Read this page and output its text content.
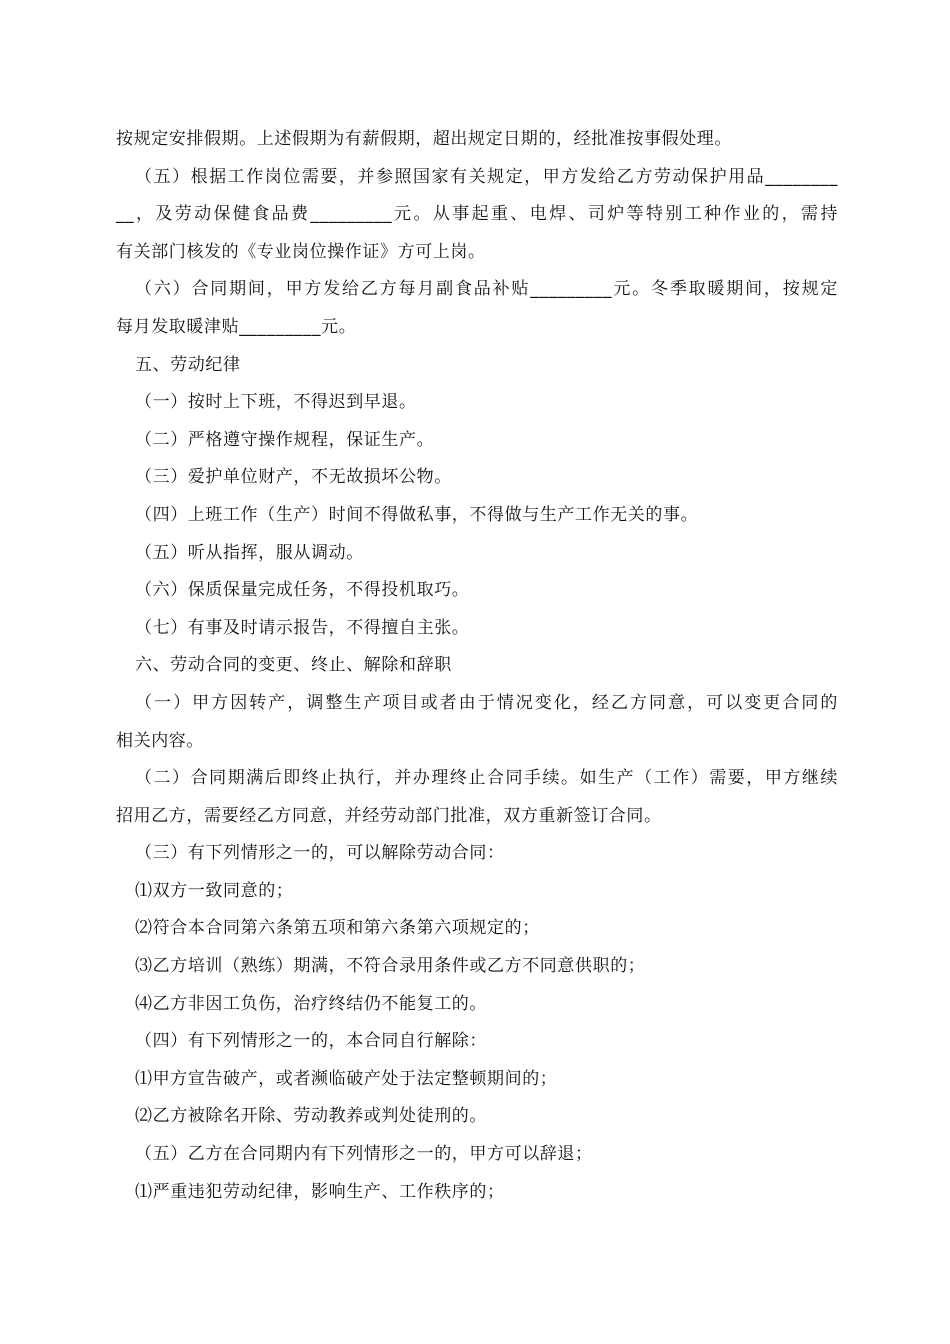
按规定安排假期。上述假期为有薪假期，超出规定日期的，经批准按事假处理。
（五）根据工作岗位需要，并参照国家有关规定，甲方发给乙方劳动保护用品________
__，及劳动保健食品费_________元。从事起重、电焊、司炉等特别工种作业的，需持
有关部门核发的《专业岗位操作证》方可上岗。
（六）合同期间，甲方发给乙方每月副食品补贴_________元。冬季取暖期间，按规定
每月发取暖津贴_________元。
五、劳动纪律
（一）按时上下班，不得迟到早退。
（二）严格遵守操作规程，保证生产。
（三）爱护单位财产，不无故损坏公物。
（四）上班工作（生产）时间不得做私事，不得做与生产工作无关的事。
（五）听从指挥，服从调动。
（六）保质保量完成任务，不得投机取巧。
（七）有事及时请示报告，不得擅自主张。
六、劳动合同的变更、终止、解除和辞职
（一）甲方因转产，调整生产项目或者由于情况变化，经乙方同意，可以变更合同的
相关内容。
（二）合同期满后即终止执行，并办理终止合同手续。如生产（工作）需要，甲方继续
招用乙方，需要经乙方同意，并经劳动部门批准，双方重新签订合同。
（三）有下列情形之一的，可以解除劳动合同：
⑴双方一致同意的；
⑵符合本合同第六条第五项和第六条第六项规定的；
⑶乙方培训（熟练）期满，不符合录用条件或乙方不同意供职的；
⑷乙方非因工负伤，治疗终结仍不能复工的。
（四）有下列情形之一的，本合同自行解除：
⑴甲方宣告破产，或者濒临破产处于法定整顿期间的；
⑵乙方被除名开除、劳动教养或判处徒刑的。
（五）乙方在合同期内有下列情形之一的，甲方可以辞退；
⑴严重违犯劳动纪律，影响生产、工作秩序的；
